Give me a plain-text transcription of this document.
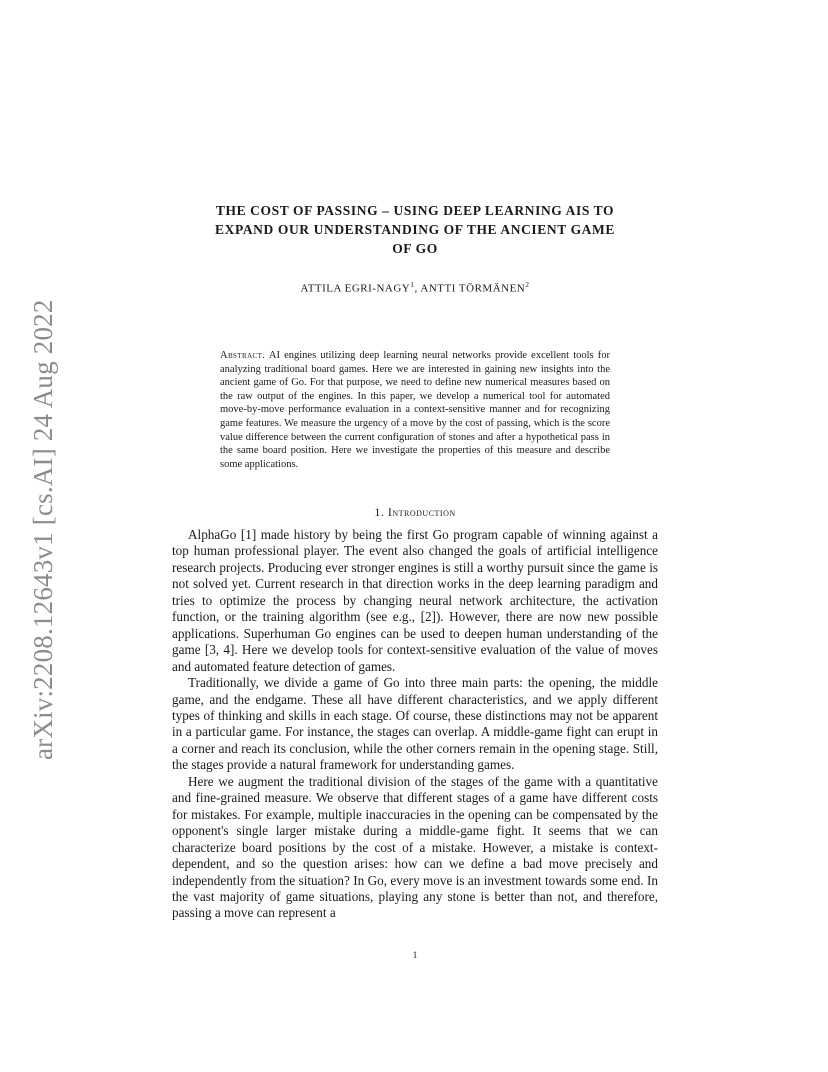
arXiv:2208.12643v1 [cs.AI] 24 Aug 2022
THE COST OF PASSING – USING DEEP LEARNING AIS TO
EXPAND OUR UNDERSTANDING OF THE ANCIENT GAME
OF GO
ATTILA EGRI-NAGY$^1$, ANTTI TÖRMÄNEN$^2$
Abstract. AI engines utilizing deep learning neural networks provide excellent tools for analyzing traditional board games. Here we are interested in gaining new insights into the ancient game of Go. For that purpose, we need to define new numerical measures based on the raw output of the engines. In this paper, we develop a numerical tool for automated move-by-move performance evaluation in a context-sensitive manner and for recognizing game features. We measure the urgency of a move by the cost of passing, which is the score value difference between the current configuration of stones and after a hypothetical pass in the same board position. Here we investigate the properties of this measure and describe some applications.
1. Introduction

AlphaGo [1] made history by being the first Go program capable of winning against a top human professional player. The event also changed the goals of artificial intelligence research projects. Producing ever stronger engines is still a worthy pursuit since the game is not solved yet. Current research in that direction works in the deep learning paradigm and tries to optimize the process by changing neural network architecture, the activation function, or the training algorithm (see e.g., [2]). However, there are now new possible applications. Superhuman Go engines can be used to deepen human understanding of the game [3, 4]. Here we develop tools for context-sensitive evaluation of the value of moves and automated feature detection of games.

Traditionally, we divide a game of Go into three main parts: the opening, the middle game, and the endgame. These all have different characteristics, and we apply different types of thinking and skills in each stage. Of course, these distinctions may not be apparent in a particular game. For instance, the stages can overlap. A middle-game fight can erupt in a corner and reach its conclusion, while the other corners remain in the opening stage. Still, the stages provide a natural framework for understanding games.

Here we augment the traditional division of the stages of the game with a quantitative and fine-grained measure. We observe that different stages of a game have different costs for mistakes. For example, multiple inaccuracies in the opening can be compensated by the opponent's single larger mistake during a middle-game fight. It seems that we can characterize board positions by the cost of a mistake. However, a mistake is context-dependent, and so the question arises: how can we define a bad move precisely and independently from the situation? In Go, every move is an investment towards some end. In the vast majority of game situations, playing any stone is better than not, and therefore, passing a move can represent a

1
